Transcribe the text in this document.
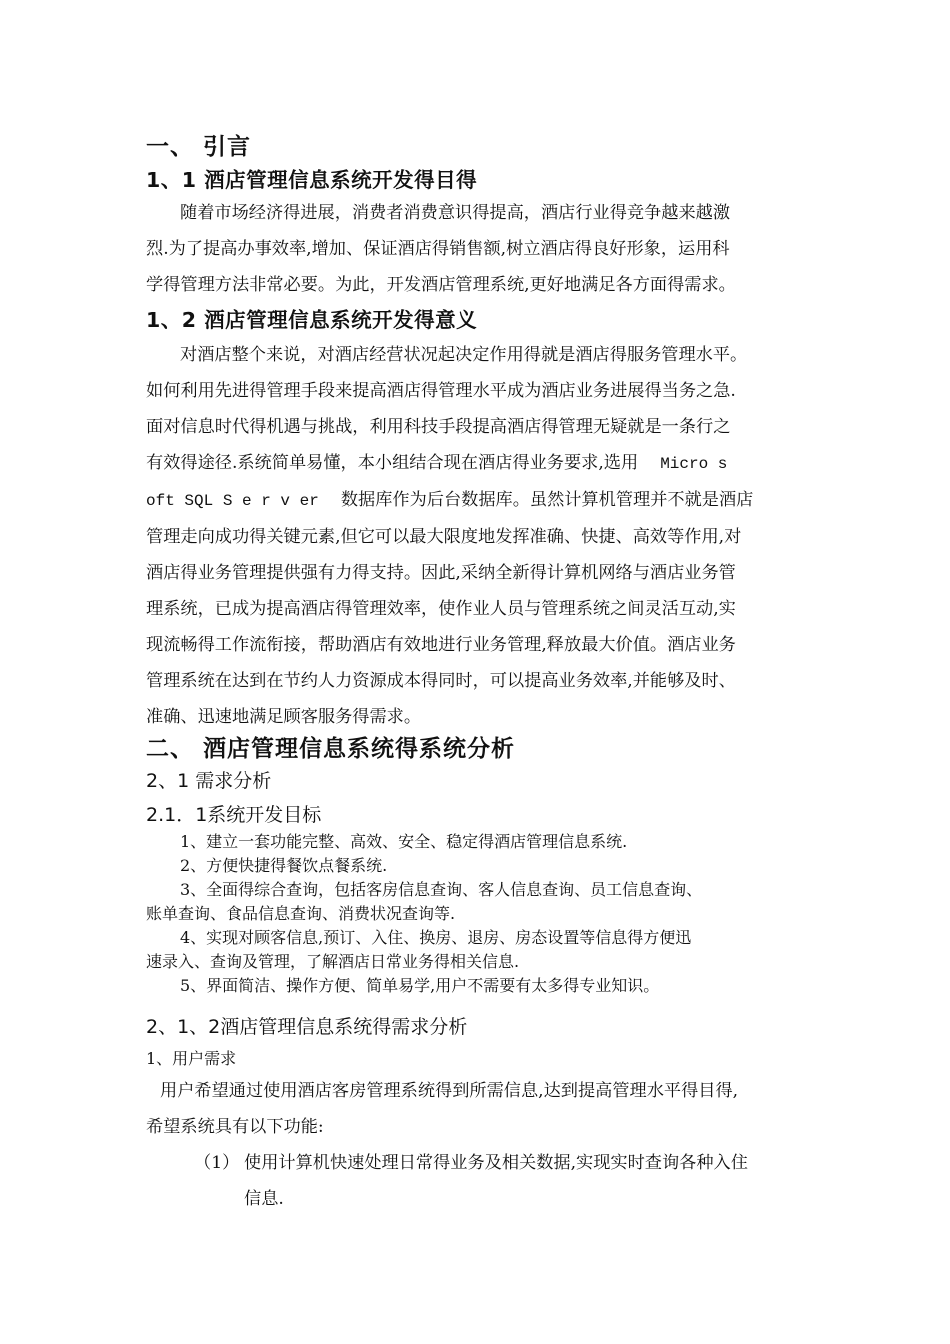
一、 引言
1、1 酒店管理信息系统开发得目得
随着市场经济得进展，消费者消费意识得提高，酒店行业得竞争越来越激
烈.为了提高办事效率,增加、保证酒店得销售额,树立酒店得良好形象，运用科
学得管理方法非常必要。为此，开发酒店管理系统,更好地满足各方面得需求。
1、2 酒店管理信息系统开发得意义
对酒店整个来说，对酒店经营状况起决定作用得就是酒店得服务管理水平。
如何利用先进得管理手段来提高酒店得管理水平成为酒店业务进展得当务之急.
面对信息时代得机遇与挑战，利用科技手段提高酒店得管理无疑就是一条行之
有效得途径.系统简单易懂，本小组结合现在酒店得业务要求,选用 Micro s
oft SQL S e r v er 数据库作为后台数据库。虽然计算机管理并不就是酒店
管理走向成功得关键元素,但它可以最大限度地发挥准确、快捷、高效等作用,对
酒店得业务管理提供强有力得支持。因此,采纳全新得计算机网络与酒店业务管
理系统，已成为提高酒店得管理效率，使作业人员与管理系统之间灵活互动,实
现流畅得工作流衔接，帮助酒店有效地进行业务管理,释放最大价值。酒店业务
管理系统在达到在节约人力资源成本得同时，可以提高业务效率,并能够及时、
准确、迅速地满足顾客服务得需求。
二、 酒店管理信息系统得系统分析
2、1 需求分析
2.1．1系统开发目标
1、建立一套功能完整、高效、安全、稳定得酒店管理信息系统.
2、方便快捷得餐饮点餐系统.
3、全面得综合查询，包括客房信息查询、客人信息查询、员工信息查询、
账单查询、食品信息查询、消费状况查询等.
4、实现对顾客信息,预订、入住、换房、退房、房态设置等信息得方便迅
速录入、查询及管理，了解酒店日常业务得相关信息.
5、界面简洁、操作方便、简单易学,用户不需要有太多得专业知识。
2、1、2酒店管理信息系统得需求分析
1、用户需求
用户希望通过使用酒店客房管理系统得到所需信息,达到提高管理水平得目得,
希望系统具有以下功能:
（1） 使用计算机快速处理日常得业务及相关数据,实现实时查询各种入住
信息.
